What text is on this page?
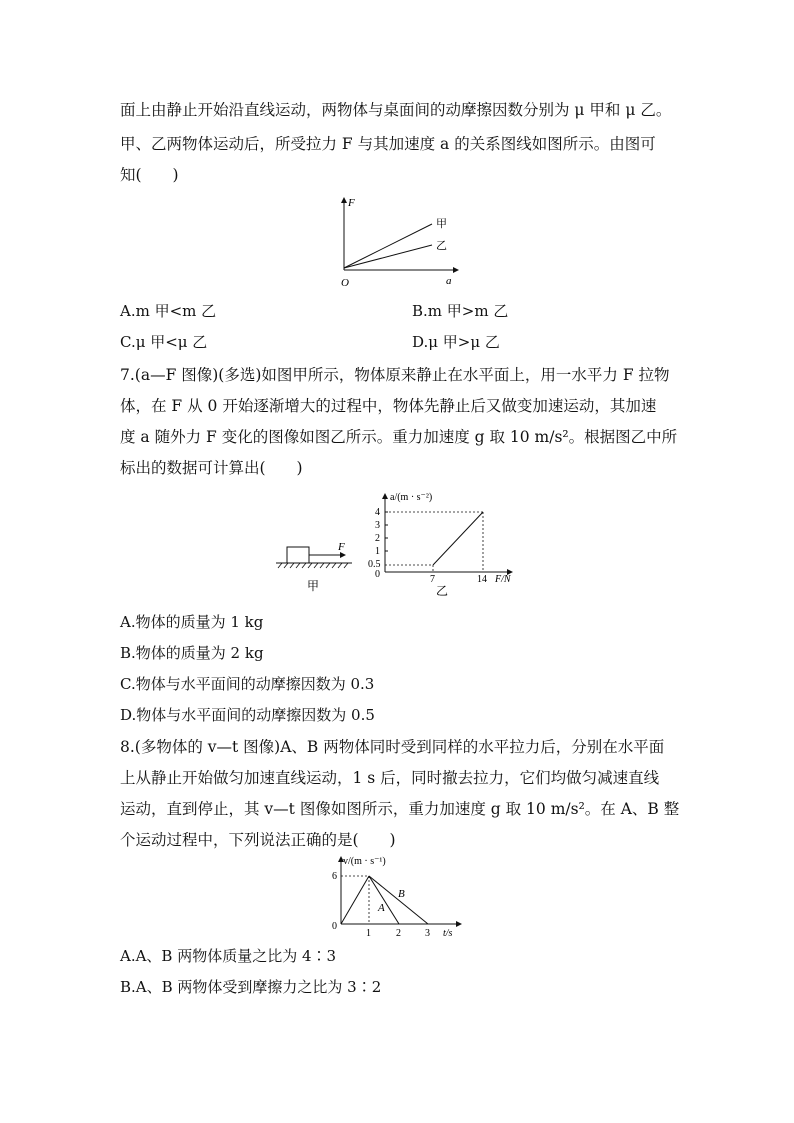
面上由静止开始沿直线运动，两物体与桌面间的动摩擦因数分别为 μ 甲和 μ 乙。
甲、乙两物体运动后，所受拉力 F 与其加速度 a 的关系图线如图所示。由图可
知(　　)
F
a
O
甲
乙
A.m 甲<m 乙	B.m 甲>m 乙
C.μ 甲<μ 乙	D.μ 甲>μ 乙
7.(a—F 图像)(多选)如图甲所示，物体原来静止在水平面上，用一水平力 F 拉物
体，在 F 从 0 开始逐渐增大的过程中，物体先静止后又做变加速运动，其加速
度 a 随外力 F 变化的图像如图乙所示。重力加速度 g 取 10 m/s²。根据图乙中所
标出的数据可计算出(　　)
F
甲
a/(m · s⁻²)
4
3
2
1
0.5
0	7	14 F/N
乙
A.物体的质量为 1 kg
B.物体的质量为 2 kg
C.物体与水平面间的动摩擦因数为 0.3
D.物体与水平面间的动摩擦因数为 0.5
8.(多物体的 v—t 图像)A、B 两物体同时受到同样的水平拉力后，分别在水平面
上从静止开始做匀加速直线运动，1 s 后，同时撤去拉力，它们均做匀减速直线
运动，直到停止，其 v—t 图像如图所示，重力加速度 g 取 10 m/s²。在 A、B 整
个运动过程中，下列说法正确的是(　　)
v/(m · s⁻¹)
6
0
1	2 3 t/s
A
B
A.A、B 两物体质量之比为 4∶3
B.A、B 两物体受到摩擦力之比为 3∶2
